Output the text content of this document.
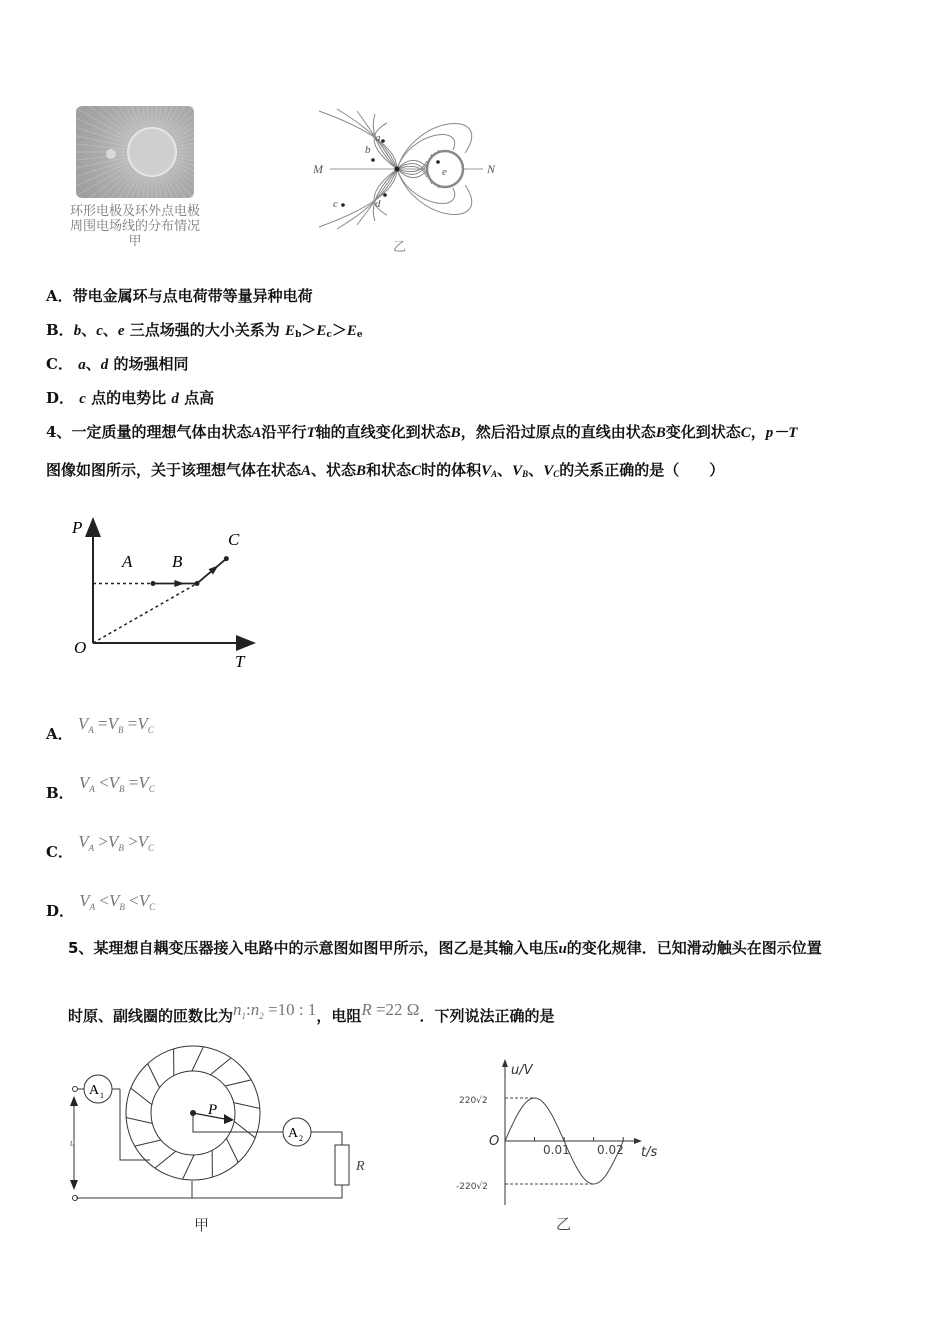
环形电极及环外点电极
周围电场线的分布情况
甲
M	N
a
b
c	d
e
乙
A．带电金属环与点电荷带等量异种电荷
B．b、c、e 三点场强的大小关系为 $E_b>E_c>E_e$
C． a、d 的场强相同
D． c 点的电势比 d 点高
4、一定质量的理想气体由状态A沿平行T轴的直线变化到状态B，然后沿过原点的直线由状态B变化到状态C，p－T
图像如图所示，关于该理想气体在状态A、状态B和状态C时的体积$V_A$、$V_B$、$V_C$的关系正确的是（　　）
P
T
O
A B
C
A． $V_A =V_B =V_C$
B． $V_A <V_B =V_C$
C． $V_A >V_B >V_C$
D． $V_A <V_B <V_C$
5、某理想自耦变压器接入电路中的示意图如图甲所示，图乙是其输入电压u的变化规律．已知滑动触头在图示位置
时原、副线圈的匝数比为$n_1:n_2 =10$ : 1，电阻R =22 Ω．下列说法正确的是
A 1
A 2
P
R
u
甲
u/V
t/s
O
220√2
-220√2
0.01 0.02
乙
